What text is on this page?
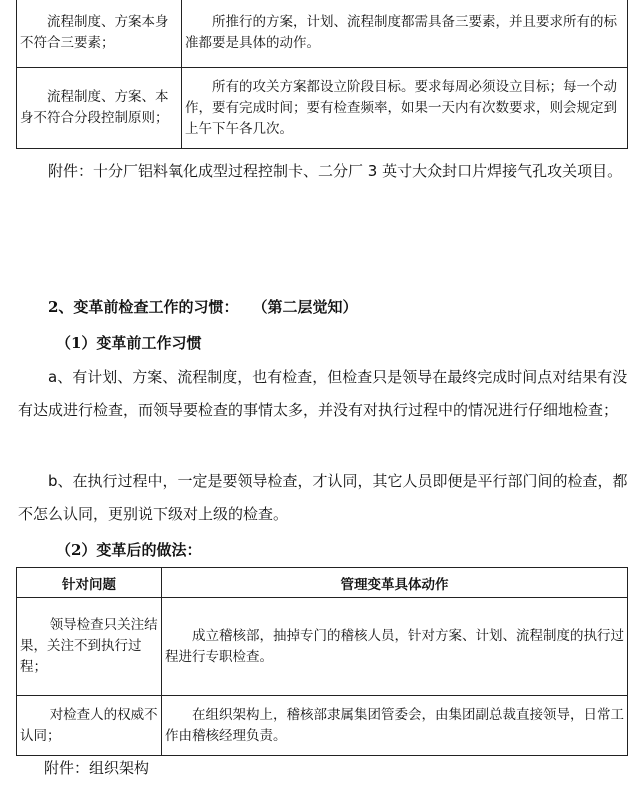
流程制度、方案本身不符合三要素；	所推行的方案，计划、流程制度都需具备三要素，并且要求所有的标准都要是具体的动作。

流程制度、方案、本身不符合分段控制原则；	所有的攻关方案都设立阶段目标。要求每周必须设立目标；每一个动作，要有完成时间；要有检查频率，如果一天内有次数要求，则会规定到上午下午各几次。
附件：十分厂铝料氧化成型过程控制卡、二分厂 3 英寸大众封口片焊接气孔攻关项目。
2、变革前检查工作的习惯： （第二层觉知）
（1）变革前工作习惯
a、有计划、方案、流程制度，也有检查，但检查只是领导在最终完成时间点对结果有没有达成进行检查，而领导要检查的事情太多，并没有对执行过程中的情况进行仔细地检查；
b、在执行过程中，一定是要领导检查，才认同，其它人员即便是平行部门间的检查，都不怎么认同，更别说下级对上级的检查。
（2）变革后的做法：
针对问题	管理变革具体动作

领导检查只关注结果，关注不到执行过程；	成立稽核部，抽掉专门的稽核人员，针对方案、计划、流程制度的执行过程进行专职检查。

对检查人的权威不认同；	在组织架构上，稽核部隶属集团管委会，由集团副总裁直接领导，日常工作由稽核经理负责。
附件：组织架构
